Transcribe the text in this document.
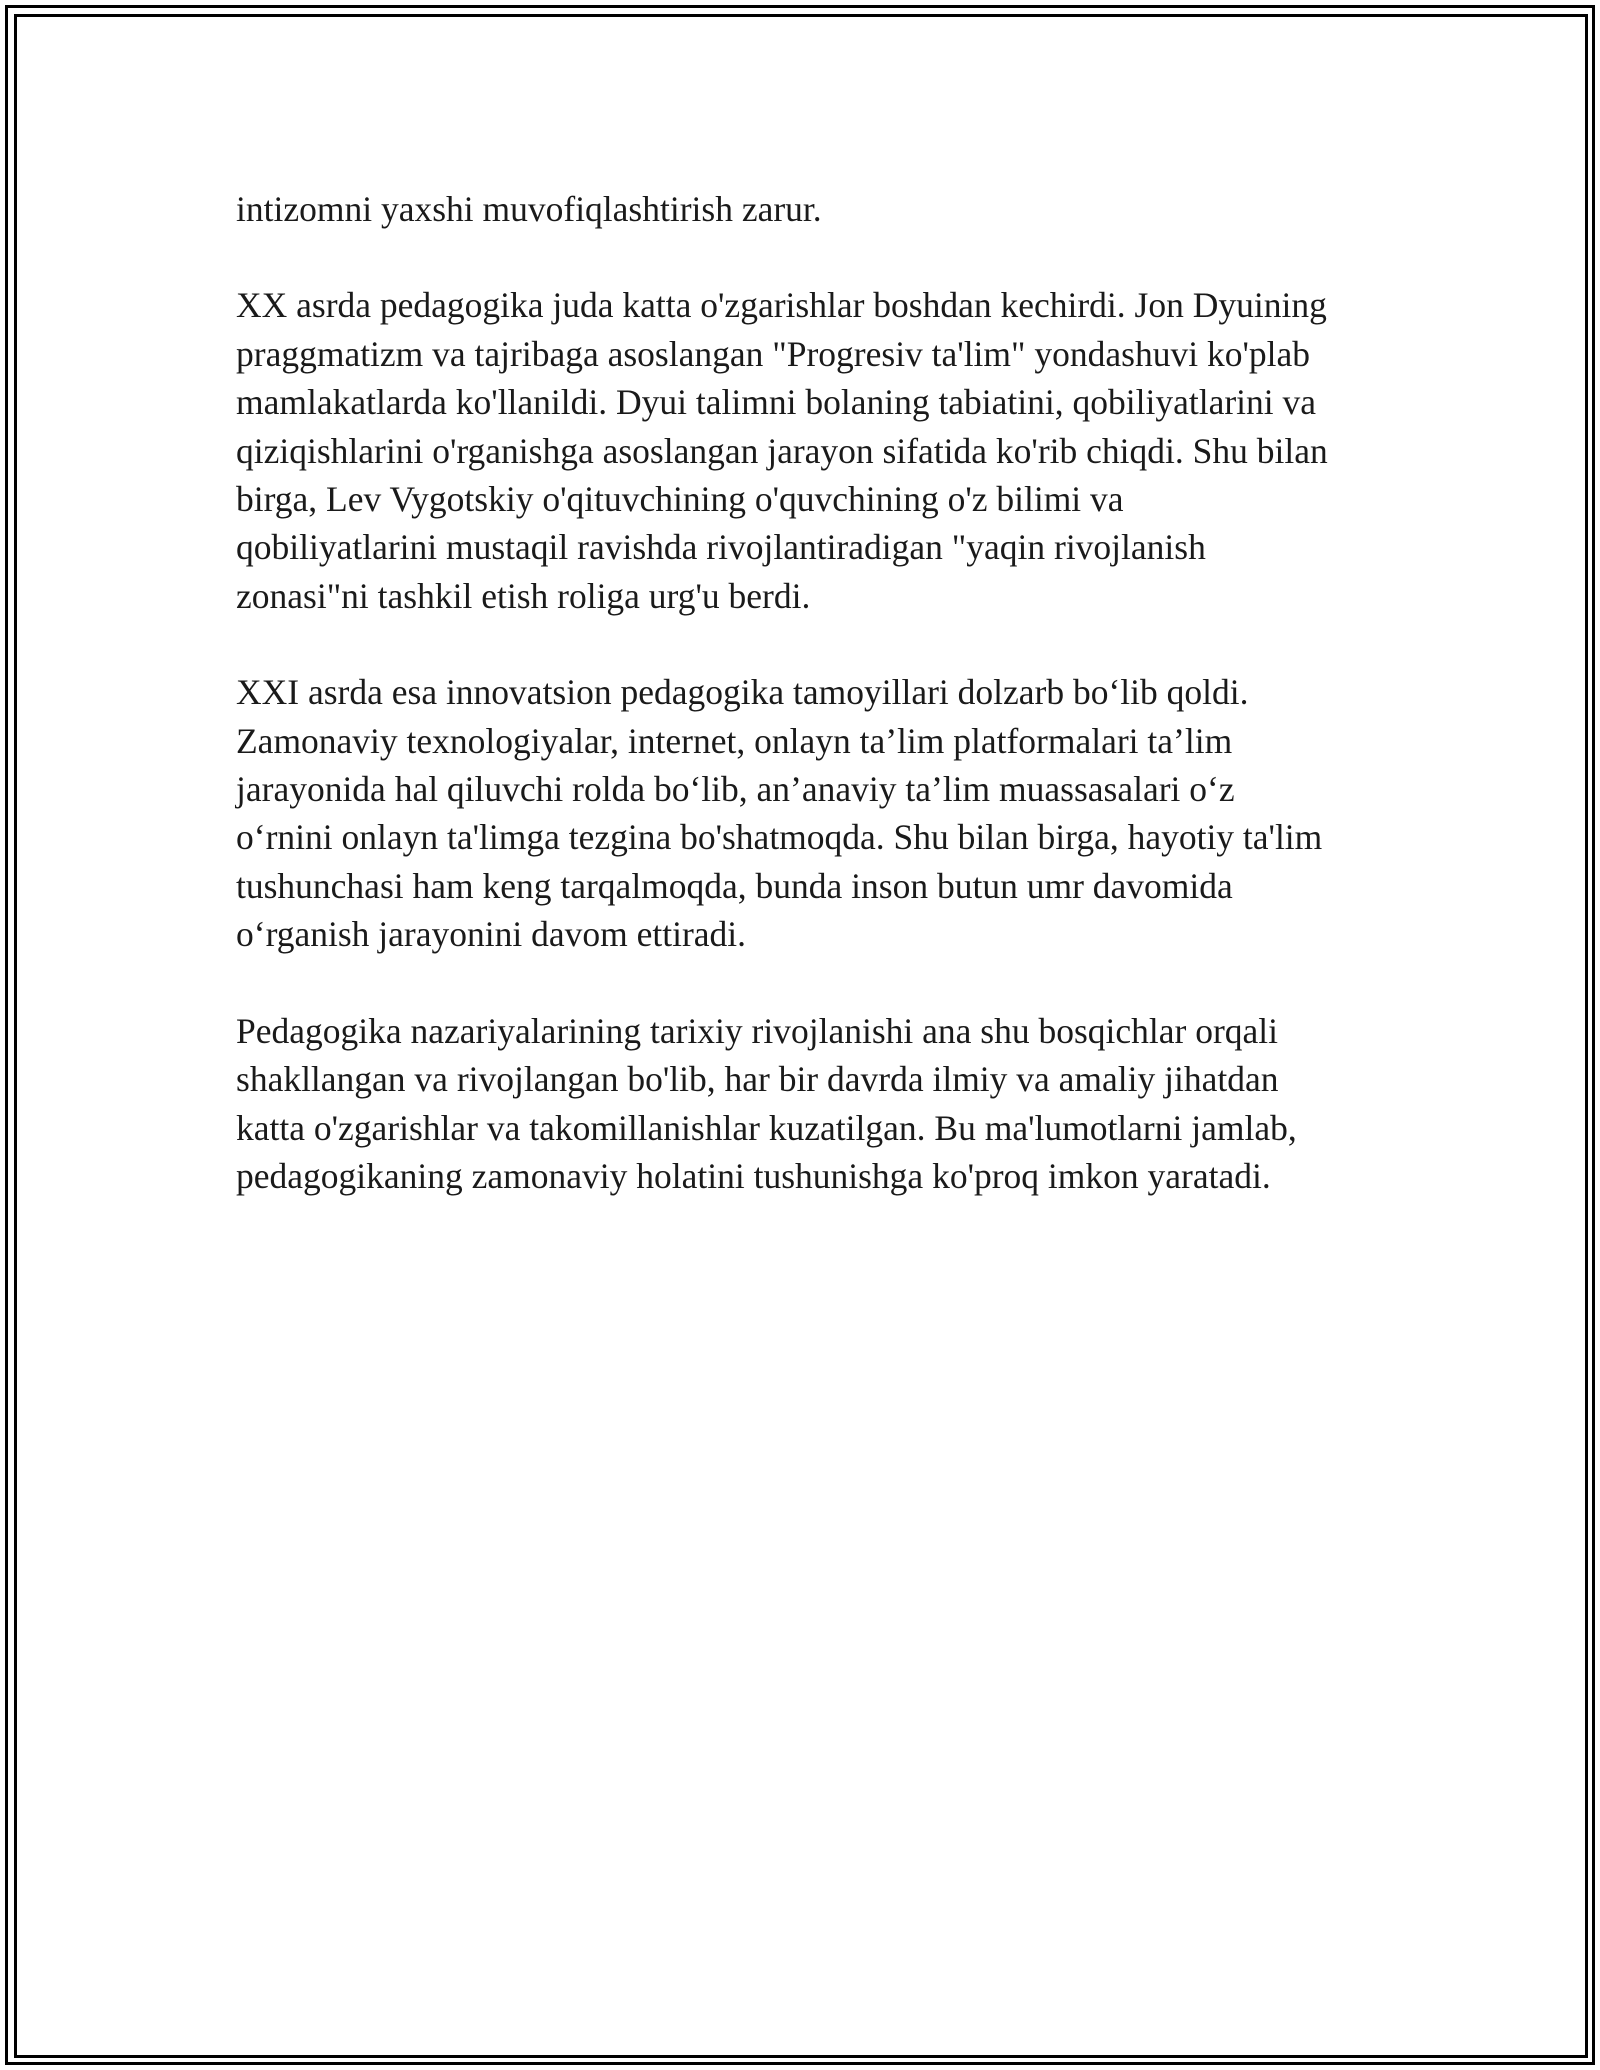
intizomni yaxshi muvofiqlashtirish zarur.

XX asrda pedagogika juda katta o'zgarishlar boshdan kechirdi. Jon Dyuining
praggmatizm va tajribaga asoslangan "Progresiv ta'lim" yondashuvi ko'plab
mamlakatlarda ko'llanildi. Dyui talimni bolaning tabiatini, qobiliyatlarini va
qiziqishlarini o'rganishga asoslangan jarayon sifatida ko'rib chiqdi. Shu bilan
birga, Lev Vygotskiy o'qituvchining o'quvchining o'z bilimi va
qobiliyatlarini mustaqil ravishda rivojlantiradigan "yaqin rivojlanish
zonasi"ni tashkil etish roliga urg'u berdi.

XXI asrda esa innovatsion pedagogika tamoyillari dolzarb bo‘lib qoldi.
Zamonaviy texnologiyalar, internet, onlayn ta’lim platformalari ta’lim
jarayonida hal qiluvchi rolda bo‘lib, an’anaviy ta’lim muassasalari o‘z
o‘rnini onlayn ta'limga tezgina bo'shatmoqda. Shu bilan birga, hayotiy ta'lim
tushunchasi ham keng tarqalmoqda, bunda inson butun umr davomida
o‘rganish jarayonini davom ettiradi.

Pedagogika nazariyalarining tarixiy rivojlanishi ana shu bosqichlar orqali
shakllangan va rivojlangan bo'lib, har bir davrda ilmiy va amaliy jihatdan
katta o'zgarishlar va takomillanishlar kuzatilgan. Bu ma'lumotlarni jamlab,
pedagogikaning zamonaviy holatini tushunishga ko'proq imkon yaratadi.
